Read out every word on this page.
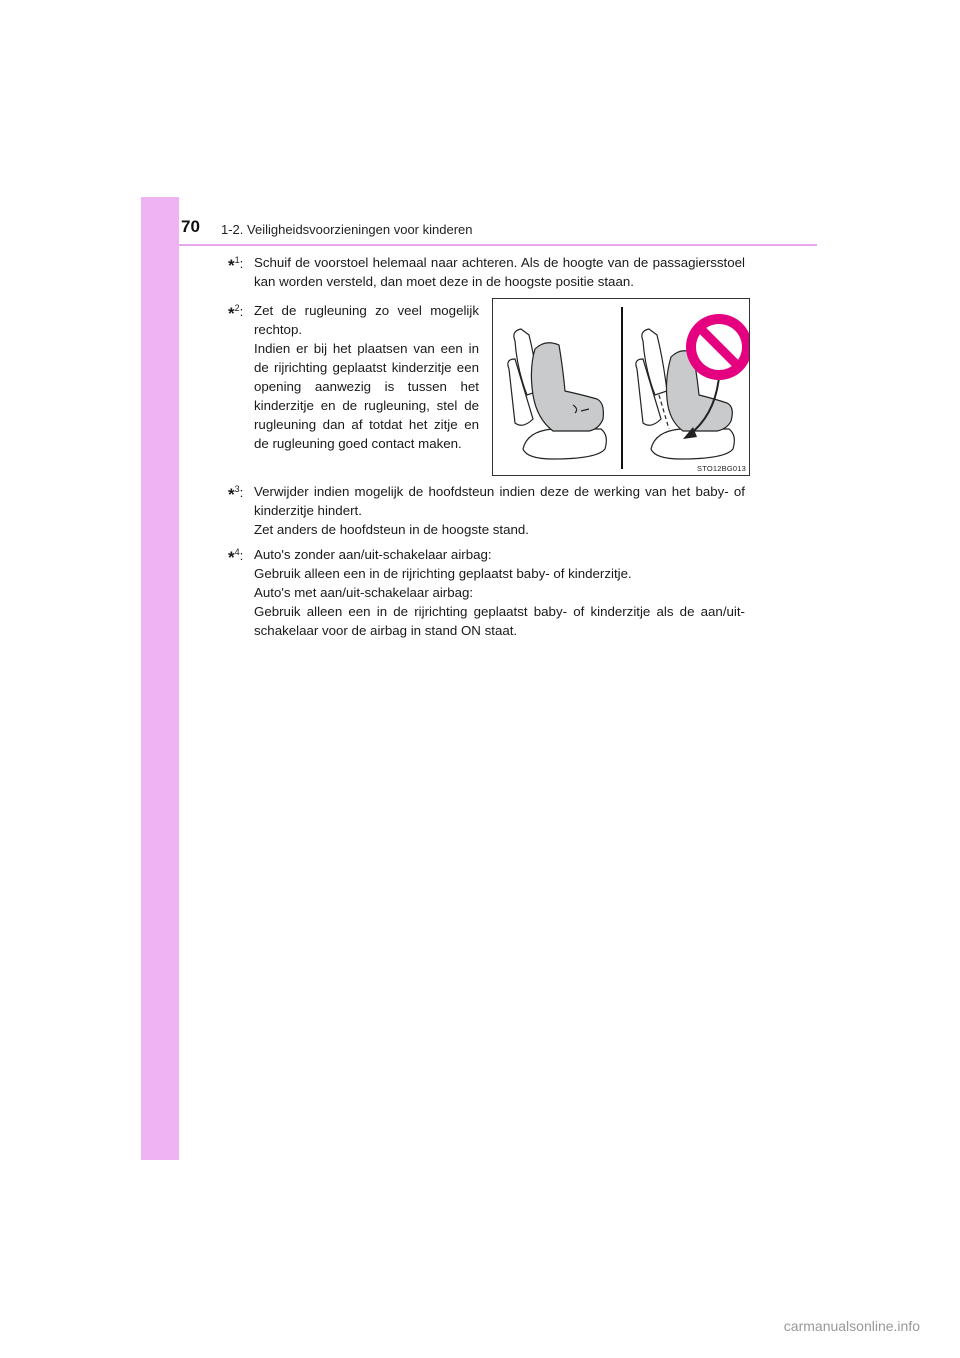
70 1-2. Veiligheidsvoorzieningen voor kinderen
*$^1$: Schuif de voorstoel helemaal naar achteren. Als de hoogte van de passagiersstoel kan worden versteld, dan moet deze in de hoogste positie staan.

*$^2$: Zet de rugleuning zo veel mogelijk rechtop.

Indien er bij het plaatsen van een in de rijrichting geplaatst kinderzitje een opening aanwezig is tussen het kinderzitje en de rugleuning, stel de rugleuning dan af totdat het zitje en de rugleuning goed contact maken.

STO12BG013
*$^3$: Verwijder indien mogelijk de hoofdsteun indien deze de werking van het baby- of kinderzitje hindert.

Zet anders de hoofdsteun in de hoogste stand.

*$^4$: Auto's zonder aan/uit-schakelaar airbag:

Gebruik alleen een in de rijrichting geplaatst baby- of kinderzitje.

Auto's met aan/uit-schakelaar airbag:

Gebruik alleen een in de rijrichting geplaatst baby- of kinderzitje als de aan/uit-schakelaar voor de airbag in stand ON staat.

carmanualsonline.info
